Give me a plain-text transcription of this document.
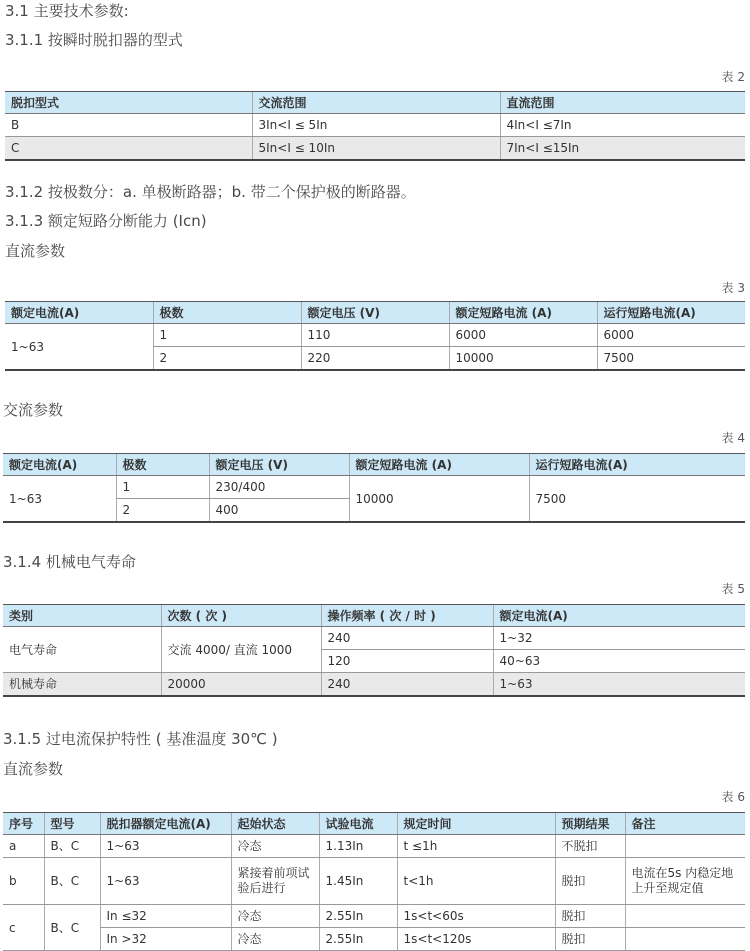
3.1 主要技术参数:
3.1.1 按瞬时脱扣器的型式
表 2
脱扣型式	交流范围	直流范围
B	3In<I ≤ 5In	4In<I ≤7In
C	5In<I ≤ 10In	7In<I ≤15In
3.1.2 按极数分：a. 单极断路器；b. 带二个保护极的断路器。
3.1.3 额定短路分断能力 (Icn)
直流参数
表 3
额定电流(A)	极数	额定电压 (V)	额定短路电流 (A)	运行短路电流(A)
1~63	1	110	6000	6000
	2	220	10000	7500
交流参数
表 4
额定电流(A)	极数	额定电压 (V)	额定短路电流 (A)	运行短路电流(A)
1~63	1	230/400	10000	7500
	2	400		
3.1.4 机械电气寿命
表 5
类别	次数 ( 次 )	操作频率 ( 次 / 时 )	额定电流(A)
电气寿命	交流 4000/ 直流 1000	240	1~32
		120	40~63
机械寿命	20000	240	1~63
3.1.5 过电流保护特性 ( 基准温度 30℃ )
直流参数
表 6
序号	型号	脱扣器额定电流(A)	起始状态	试验电流	规定时间	预期结果	备注
a	B、C	1~63	冷态	1.13In	t ≤1h	不脱扣	
b	B、C	1~63	紧接着前项试验后进行	1.45In	t<1h	脱扣	电流在5s 内稳定地上升至规定值
c	B、C	In ≤32	冷态	2.55In	1s<t<60s	脱扣	
		In >32	冷态	2.55In	1s<t<120s	脱扣	
